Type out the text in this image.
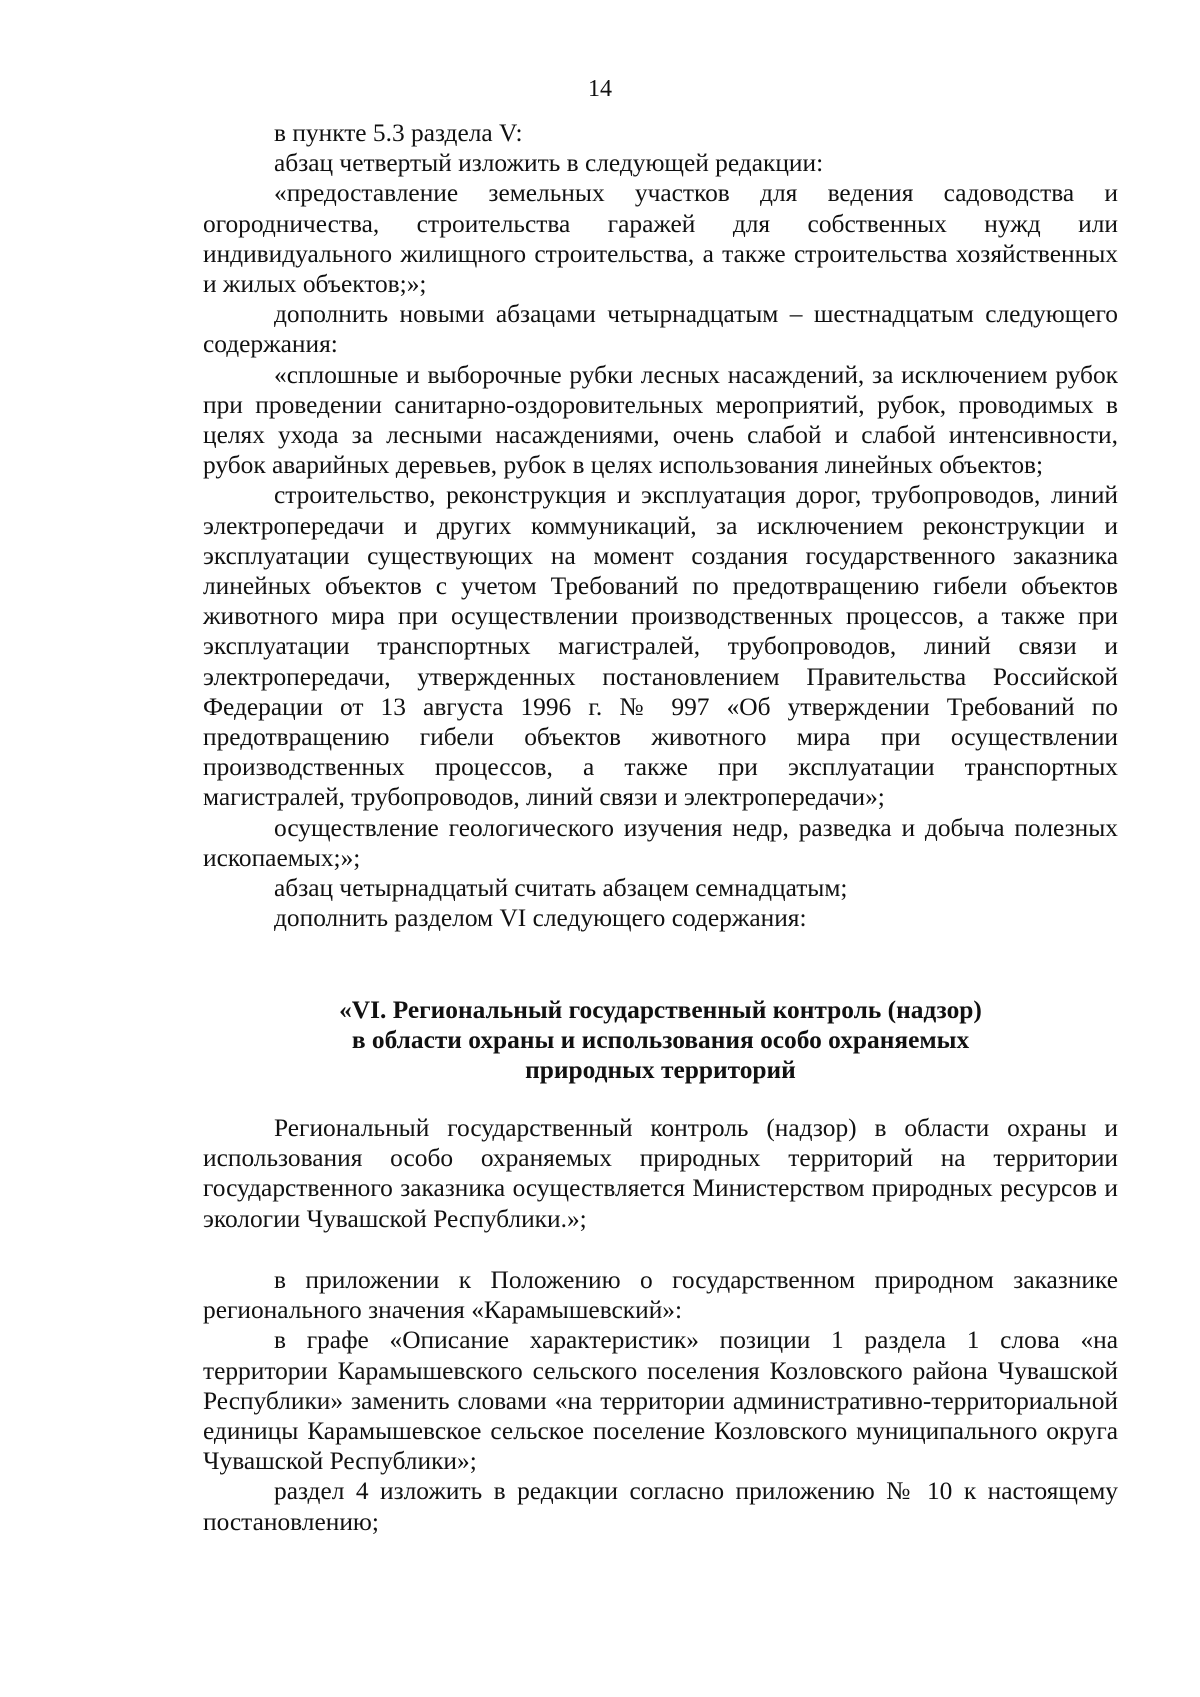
14

в пункте 5.3 раздела V:

абзац четвертый изложить в следующей редакции:

«предоставление земельных участков для ведения садоводства и огородничества, строительства гаражей для собственных нужд или индивидуального жилищного строительства, а также строительства хозяйственных и жилых объектов;»;

дополнить новыми абзацами четырнадцатым – шестнадцатым следующего содержания:

«сплошные и выборочные рубки лесных насаждений, за исключением рубок при проведении санитарно-оздоровительных мероприятий, рубок, проводимых в целях ухода за лесными насаждениями, очень слабой и слабой интенсивности, рубок аварийных деревьев, рубок в целях использования линейных объектов;

строительство, реконструкция и эксплуатация дорог, трубопроводов, линий электропередачи и других коммуникаций, за исключением реконструкции и эксплуатации существующих на момент создания государственного заказника линейных объектов с учетом Требований по предотвращению гибели объектов животного мира при осуществлении производственных процессов, а также при эксплуатации транспортных магистралей, трубопроводов, линий связи и электропередачи, утвержденных постановлением Правительства Российской Федерации от 13 августа 1996 г. № 997 «Об утверждении Требований по предотвращению гибели объектов животного мира при осуществлении производственных процессов, а также при эксплуатации транспортных магистралей, трубопроводов, линий связи и электропередачи»;

осуществление геологического изучения недр, разведка и добыча полезных ископаемых;»;

абзац четырнадцатый считать абзацем семнадцатым;

дополнить разделом VI следующего содержания:

«VI. Региональный государственный контроль (надзор)
в области охраны и использования особо охраняемых
природных территорий

Региональный государственный контроль (надзор) в области охраны и использования особо охраняемых природных территорий на территории государственного заказника осуществляется Министерством природных ресурсов и экологии Чувашской Республики.»;

в приложении к Положению о государственном природном заказнике регионального значения «Карамышевский»:

в графе «Описание характеристик» позиции 1 раздела 1 слова «на территории Карамышевского сельского поселения Козловского района Чувашской Республики» заменить словами «на территории административно-территориальной единицы Карамышевское сельское поселение Козловского муниципального округа Чувашской Республики»;

раздел 4 изложить в редакции согласно приложению № 10 к настоящему постановлению;
